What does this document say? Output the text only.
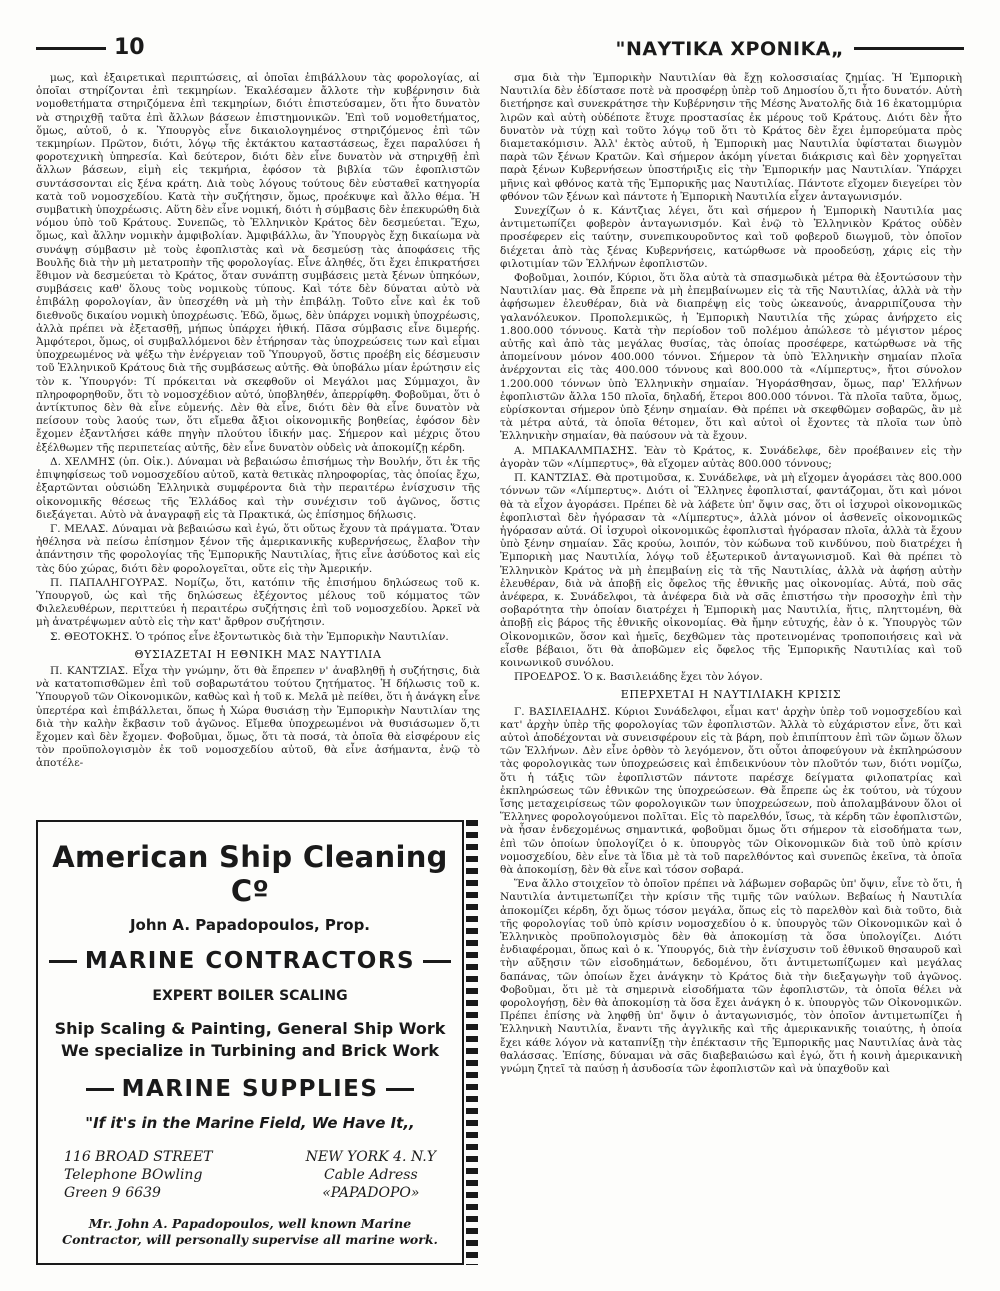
10	"ΝΑΥΤΙΚΑ ΧΡΟΝΙΚΑ„

μως, καὶ ἐξαιρετικαὶ περιπτώσεις, αἱ ὁποῖαι ἐπιβάλλουν τὰς φορολογίας, αἱ ὁποῖαι στηρίζονται ἐπὶ τεκμηρίων. Ἐκαλέσαμεν ἄλλοτε τὴν κυβέρνησιν διὰ νομοθετήματα στηριζόμενα ἐπὶ τεκμηρίων, διότι ἐπιστεύσαμεν, ὅτι ἦτο δυνατὸν νὰ στηριχθῇ ταῦτα ἐπὶ ἄλλων βάσεων ἐπιστημονικῶν. Ἐπὶ τοῦ νομοθετήματος, ὅμως, αὐτοῦ, ὁ κ. Ὑπουργὸς εἶνε δικαιολογημένος στηριζόμενος ἐπὶ τῶν τεκμηρίων. Πρῶτον, διότι, λόγῳ τῆς ἐκτάκτου καταστάσεως, ἔχει παραλύσει ἡ φοροτεχνικὴ ὑπηρεσία. Καὶ δεύτερον, διότι δὲν εἶνε δυνατὸν νὰ στηριχθῇ ἐπὶ ἄλλων βάσεων, εἰμὴ εἰς τεκμήρια, ἐφόσον τὰ βιβλία τῶν ἐφοπλιστῶν συντάσσονται εἰς ξένα κράτη. Διὰ τοὺς λόγους τούτους δὲν εὐσταθεῖ κατηγορία κατὰ τοῦ νομοσχεδίου. Κατὰ τὴν συζήτησιν, ὅμως, προέκυψε καὶ ἄλλο θέμα. Ἡ συμβατικὴ ὑποχρέωσις. Αὕτη δὲν εἶνε νομική, διότι ἡ σύμβασις δὲν ἐπεκυρώθη διὰ νόμου ὑπὸ τοῦ Κράτους. Συνεπῶς, τὸ Ἑλληνικὸν Κράτος δὲν δεσμεύεται. Ἔχω, ὅμως, καὶ ἄλλην νομικὴν ἀμφιβολίαν. Ἀμφιβάλλω, ἂν Ὑπουργὸς ἔχῃ δικαίωμα νὰ συνάψῃ σύμβασιν μὲ τοὺς ἐφοπλιστὰς καὶ νὰ δεσμεύσῃ τὰς ἀποφάσεις τῆς Βουλῆς διὰ τὴν μὴ μετατροπὴν τῆς φορολογίας. Εἶνε ἀληθές, ὅτι ἔχει ἐπικρατήσει ἔθιμον νὰ δεσμεύεται τὸ Κράτος, ὅταν συνάπτῃ συμβάσεις μετὰ ξένων ὑπηκόων, συμβάσεις καθ' ὅλους τοὺς νομικοὺς τύπους. Καὶ τότε δὲν δύναται αὐτὸ νὰ ἐπιβάλῃ φορολογίαν, ἂν ὑπεσχέθη νὰ μὴ τὴν ἐπιβάλῃ. Τοῦτο εἶνε καὶ ἐκ τοῦ διεθνοῦς δικαίου νομικὴ ὑποχρέωσις. Ἐδῶ, ὅμως, δὲν ὑπάρχει νομικὴ ὑποχρέωσις, ἀλλὰ πρέπει νὰ ἐξετασθῇ, μήπως ὑπάρχει ἠθική. Πᾶσα σύμβασις εἶνε διμερής. Ἀμφότεροι, ὅμως, οἱ συμβαλλόμενοι δὲν ἐτήρησαν τὰς ὑποχρεώσεις των καὶ εἶμαι ὑποχρεωμένος νὰ ψέξω τὴν ἐνέργειαν τοῦ Ὑπουργοῦ, ὅστις προέβη εἰς δέσμευσιν τοῦ Ἑλληνικοῦ Κράτους διὰ τῆς συμβάσεως αὐτῆς. Θὰ ὑποβάλω μίαν ἐρώτησιν εἰς τὸν κ. Ὑπουργόν: Τί πρόκειται νὰ σκεφθοῦν οἱ Μεγάλοι μας Σύμμαχοι, ἂν πληροφορηθοῦν, ὅτι τὸ νομοσχέδιον αὐτό, ὑποβληθέν, ἀπερρίφθη. Φοβοῦμαι, ὅτι ὁ ἀντίκτυπος δὲν θὰ εἶνε εὐμενής. Δὲν θὰ εἶνε, διότι δὲν θὰ εἶνε δυνατὸν νὰ πείσουν τοὺς λαούς των, ὅτι εἴμεθα ἄξιοι οἰκονομικῆς βοηθείας, ἐφόσον δὲν ἔχομεν ἐξαντλήσει κάθε πηγὴν πλούτου ἰδικήν μας. Σήμερον καὶ μέχρις ὅτου ἐξέλθωμεν τῆς περιπετείας αὐτῆς, δὲν εἶνε δυνατὸν οὐδεὶς νὰ ἀποκομίζῃ κέρδη.

Δ. ΧΕΛΜΗΣ (ὑπ. Οἰκ.). Δύναμαι νὰ βεβαιώσω ἐπισήμως τὴν Βουλήν, ὅτι ἐκ τῆς ἐπιψηφίσεως τοῦ νομοσχεδίου αὐτοῦ, κατὰ θετικὰς πληροφορίας, τὰς ὁποίας ἔχω, ἐξαρτῶνται οὐσιώδη Ἑλληνικὰ συμφέροντα διὰ τὴν περαιτέρω ἐνίσχυσιν τῆς οἰκονομικῆς θέσεως τῆς Ἑλλάδος καὶ τὴν συνέχισιν τοῦ ἀγῶνος, ὅστις διεξάγεται. Αὐτὸ νὰ ἀναγραφῇ εἰς τὰ Πρακτικά, ὡς ἐπίσημος δήλωσις.

Γ. ΜΕΛΑΣ. Δύναμαι νὰ βεβαιώσω καὶ ἐγώ, ὅτι οὕτως ἔχουν τὰ πράγματα. Ὅταν ἠθέλησα νὰ πείσω ἐπίσημον ξένον τῆς ἀμερικανικῆς κυβερνήσεως, ἔλαβον τὴν ἀπάντησιν τῆς φορολογίας τῆς Ἐμπορικῆς Ναυτιλίας, ἥτις εἶνε ἀσύδοτος καὶ εἰς τὰς δύο χώρας, διότι δὲν φορολογεῖται, οὔτε εἰς τὴν Ἀμερικήν.

Π. ΠΑΠΑΛΗΓΟΥΡΑΣ. Νομίζω, ὅτι, κατόπιν τῆς ἐπισήμου δηλώσεως τοῦ κ. Ὑπουργοῦ, ὡς καὶ τῆς δηλώσεως ἐξέχοντος μέλους τοῦ κόμματος τῶν Φιλελευθέρων, περιττεύει ἡ περαιτέρω συζήτησις ἐπὶ τοῦ νομοσχεδίου. Ἀρκεῖ νὰ μὴ ἀνατρέψωμεν αὐτὸ εἰς τὴν κατ' ἄρθρον συζήτησιν.

Σ. ΘΕΟΤΟΚΗΣ. Ὁ τρόπος εἶνε ἐξοντωτικὸς διὰ τὴν Ἐμπορικὴν Ναυτιλίαν.

ΘΥΣΙΑΖΕΤΑΙ Η ΕΘΝΙΚΗ ΜΑΣ ΝΑΥΤΙΛΙΑ

Π. ΚΑΝΤΖΙΑΣ. Εἶχα τὴν γνώμην, ὅτι θὰ ἔπρεπεν ν' ἀναβληθῇ ἡ συζήτησις, διὰ νὰ κατατοπισθῶμεν ἐπὶ τοῦ σοβαρωτάτου τούτου ζητήματος. Ἡ δήλωσις τοῦ κ. Ὑπουργοῦ τῶν Οἰκονομικῶν, καθὼς καὶ ἡ τοῦ κ. Μελᾶ μὲ πείθει, ὅτι ἡ ἀνάγκη εἶνε ὑπερτέρα καὶ ἐπιβάλλεται, ὅπως ἡ Χώρα θυσιάσῃ τὴν Ἐμπορικὴν Ναυτιλίαν της διὰ τὴν καλὴν ἔκβασιν τοῦ ἀγῶνος. Εἴμεθα ὑποχρεωμένοι νὰ θυσιάσωμεν ὅ,τι ἔχομεν καὶ δὲν ἔχομεν. Φοβοῦμαι, ὅμως, ὅτι τὰ ποσά, τὰ ὁποῖα θὰ εἰσφέρουν εἰς τὸν προϋπολογισμὸν ἐκ τοῦ νομοσχεδίου αὐτοῦ, θὰ εἶνε ἀσήμαντα, ἐνῷ τὸ ἀποτέλε-

American Ship Cleaning Cº
John A. Papadopoulos, Prop.
MARINE CONTRACTORS
EXPERT BOILER SCALING
Ship Scaling & Painting, General Ship Work
We specialize in Turbining and Brick Work
MARINE SUPPLIES
"If it's in the Marine Field, We Have It,,
116 BROAD STREET
Telephone BOwling
Green 9 6639
NEW YORK 4. N.Y
Cable Adress
«PAPADOPO»
Mr. John A. Papadopoulos, well known Marine Contractor, will personally supervise all marine work.

σμα διὰ τὴν Ἐμπορικὴν Ναυτιλίαν θὰ ἔχῃ κολοσσιαίας ζημίας. Ἡ Ἐμπορικὴ Ναυτιλία δὲν ἐδίστασε ποτὲ νὰ προσφέρῃ ὑπὲρ τοῦ Δημοσίου ὅ,τι ἦτο δυνατόν. Αὐτὴ διετήρησε καὶ συνεκράτησε τὴν Κυβέρνησιν τῆς Μέσης Ἀνατολῆς διὰ 16 ἑκατομμύρια λιρῶν καὶ αὐτὴ οὐδέποτε ἔτυχε προστασίας ἐκ μέρους τοῦ Κράτους. Διότι δὲν ἦτο δυνατὸν νὰ τύχῃ καὶ τοῦτο λόγῳ τοῦ ὅτι τὸ Κράτος δὲν ἔχει ἐμπορεύματα πρὸς διαμετακόμισιν. Ἀλλ' ἐκτὸς αὐτοῦ, ἡ Ἐμπορικὴ μας Ναυτιλία ὑφίσταται διωγμὸν παρὰ τῶν ξένων Κρατῶν. Καὶ σήμερον ἀκόμη γίνεται διάκρισις καὶ δὲν χορηγεῖται παρὰ ξένων Κυβερνήσεων ὑποστήριξις εἰς τὴν Ἐμπορικήν μας Ναυτιλίαν. Ὑπάρχει μῆνις καὶ φθόνος κατὰ τῆς Ἐμπορικῆς μας Ναυτιλίας. Πάντοτε εἴχομεν διεγείρει τὸν φθόνον τῶν ξένων καὶ πάντοτε ἡ Ἐμπορικὴ Ναυτιλία εἶχεν ἀνταγωνισμόν.

Συνεχίζων ὁ κ. Κάντζιας λέγει, ὅτι καὶ σήμερον ἡ Ἐμπορικὴ Ναυτιλία μας ἀντιμετωπίζει φοβερὸν ἀνταγωνισμόν. Καὶ ἐνῷ τὸ Ἑλληνικὸν Κράτος οὐδὲν προσέφερεν εἰς ταύτην, συνεπικουροῦντος καὶ τοῦ φοβεροῦ διωγμοῦ, τὸν ὁποῖον διέχεται ἀπὸ τὰς ξένας Κυβερνήσεις, κατώρθωσε νὰ προοδεύσῃ, χάρις εἰς τὴν φιλοτιμίαν τῶν Ἑλλήνων ἐφοπλιστῶν.

Φοβοῦμαι, λοιπόν, Κύριοι, ὅτι ὅλα αὐτὰ τὰ σπασμωδικὰ μέτρα θὰ ἐξοντώσουν τὴν Ναυτιλίαν μας. Θὰ ἔπρεπε νὰ μὴ ἐπεμβαίνωμεν εἰς τὰ τῆς Ναυτιλίας, ἀλλὰ νὰ τὴν ἀφήσωμεν ἐλευθέραν, διὰ νὰ διαπρέψῃ εἰς τοὺς ὠκεανούς, ἀναρριπίζουσα τὴν γαλανόλευκον. Προπολεμικῶς, ἡ Ἐμπορικὴ Ναυτιλία τῆς χώρας ἀνήρχετο εἰς 1.800.000 τόννους. Κατὰ τὴν περίοδον τοῦ πολέμου ἀπώλεσε τὸ μέγιστον μέρος αὐτῆς καὶ ἀπὸ τὰς μεγάλας θυσίας, τὰς ὁποίας προσέφερε, κατώρθωσε νὰ τῆς ἀπομείνουν μόνον 400.000 τόννοι. Σήμερον τὰ ὑπὸ Ἑλληνικὴν σημαίαν πλοῖα ἀνέρχονται εἰς τὰς 400.000 τόννους καὶ 800.000 τὰ «Λίμπερτυς», ἤτοι σύνολον 1.200.000 τόννων ὑπὸ Ἑλληνικὴν σημαίαν. Ἠγοράσθησαν, ὅμως, παρ' Ἑλλήνων ἐφοπλιστῶν ἄλλα 150 πλοῖα, δηλαδή, ἕτεροι 800.000 τόννοι. Τὰ πλοῖα ταῦτα, ὅμως, εὑρίσκονται σήμερον ὑπὸ ξένην σημαίαν. Θὰ πρέπει νὰ σκεφθῶμεν σοβαρῶς, ἂν μὲ τὰ μέτρα αὐτά, τὰ ὁποῖα θέτομεν, ὅτι καὶ αὐτοὶ οἱ ἔχοντες τὰ πλοῖα των ὑπὸ Ἑλληνικὴν σημαίαν, θὰ παύσουν νὰ τὰ ἔχουν.

Α. ΜΠΑΚΑΛΜΠΑΣΗΣ. Ἐὰν τὸ Κράτος, κ. Συνάδελφε, δὲν προέβαινεν εἰς τὴν ἀγορὰν τῶν «Λίμπερτυς», θὰ εἴχομεν αὐτὰς 800.000 τόννους;

Π. ΚΑΝΤΖΙΑΣ. Θὰ προτιμοῦσα, κ. Συνάδελφε, νὰ μὴ εἴχομεν ἀγοράσει τὰς 800.000 τόννων τῶν «Λίμπερτυς». Διότι οἱ Ἕλληνες ἐφοπλισταί, φαντάζομαι, ὅτι καὶ μόνοι θὰ τὰ εἶχον ἀγοράσει. Πρέπει δὲ νὰ λάβετε ὑπ' ὄψιν σας, ὅτι οἱ ἰσχυροὶ οἰκονομικῶς ἐφοπλισταὶ δὲν ἠγόρασαν τὰ «Λίμπερτυς», ἀλλὰ μόνον οἱ ἀσθενεῖς οἰκονομικῶς ἠγόρασαν αὐτά. Οἱ ἰσχυροὶ οἰκονομικῶς ἐφοπλισταὶ ἠγόρασαν πλοῖα, ἀλλὰ τὰ ἔχουν ὑπὸ ξένην σημαίαν. Σᾶς κρούω, λοιπόν, τὸν κώδωνα τοῦ κινδύνου, ποὺ διατρέχει ἡ Ἐμπορικὴ μας Ναυτιλία, λόγῳ τοῦ ἐξωτερικοῦ ἀνταγωνισμοῦ. Καὶ θὰ πρέπει τὸ Ἑλληνικὸν Κράτος νὰ μὴ ἐπεμβαίνῃ εἰς τὰ τῆς Ναυτιλίας, ἀλλὰ νὰ ἀφήσῃ αὐτὴν ἐλευθέραν, διὰ νὰ ἀποβῇ εἰς ὄφελος τῆς ἐθνικῆς μας οἰκονομίας. Αὐτά, ποὺ σᾶς ἀνέφερα, κ. Συνάδελφοι, τὰ ἀνέφερα διὰ νὰ σᾶς ἐπιστήσω τὴν προσοχὴν ἐπὶ τὴν σοβαρότητα τὴν ὁποίαν διατρέχει ἡ Ἐμπορικὴ μας Ναυτιλία, ἥτις, πληττομένη, θὰ ἀποβῇ εἰς βάρος τῆς ἐθνικῆς οἰκονομίας. Θὰ ἤμην εὐτυχής, ἐὰν ὁ κ. Ὑπουργὸς τῶν Οἰκονομικῶν, ὅσον καὶ ἡμεῖς, δεχθῶμεν τὰς προτεινομένας τροποποιήσεις καὶ νὰ εἶσθε βέβαιοι, ὅτι θὰ ἀποβῶμεν εἰς ὄφελος τῆς Ἐμπορικῆς Ναυτιλίας καὶ τοῦ κοινωνικοῦ συνόλου.

ΠΡΟΕΔΡΟΣ. Ὁ κ. Βασιλειάδης ἔχει τὸν λόγον.

ΕΠΕΡΧΕΤΑΙ Η ΝΑΥΤΙΛΙΑΚΗ ΚΡΙΣΙΣ

Γ. ΒΑΣΙΛΕΙΑΔΗΣ. Κύριοι Συνάδελφοι, εἶμαι κατ' ἀρχὴν ὑπὲρ τοῦ νομοσχεδίου καὶ κατ' ἀρχὴν ὑπὲρ τῆς φορολογίας τῶν ἐφοπλιστῶν. Ἀλλὰ τὸ εὐχάριστον εἶνε, ὅτι καὶ αὐτοὶ ἀποδέχονται νὰ συνεισφέρουν εἰς τὰ βάρη, ποὺ ἐπιπίπτουν ἐπὶ τῶν ὤμων ὅλων τῶν Ἑλλήνων. Δὲν εἶνε ὀρθὸν τὸ λεγόμενον, ὅτι οὗτοι ἀποφεύγουν νὰ ἐκπληρώσουν τὰς φορολογικὰς των ὑποχρεώσεις καὶ ἐπιδεικνύουν τὸν πλοῦτόν των, διότι νομίζω, ὅτι ἡ τάξις τῶν ἐφοπλιστῶν πάντοτε παρέσχε δείγματα φιλοπατρίας καὶ ἐκπληρώσεως τῶν ἐθνικῶν της ὑποχρεώσεων. Θὰ ἔπρεπε ὡς ἐκ τούτου, νὰ τύχουν ἴσης μεταχειρίσεως τῶν φορολογικῶν των ὑποχρεώσεων, ποὺ ἀπολαμβάνουν ὅλοι οἱ Ἕλληνες φορολογούμενοι πολῖται. Εἰς τὸ παρελθόν, ἴσως, τὰ κέρδη τῶν ἐφοπλιστῶν, νὰ ἦσαν ἐνδεχομένως σημαντικά, φοβοῦμαι ὅμως ὅτι σήμερον τὰ εἰσοδήματα των, ἐπὶ τῶν ὁποίων ὑπολογίζει ὁ κ. ὑπουργὸς τῶν Οἰκονομικῶν διὰ τοῦ ὑπὸ κρίσιν νομοσχεδίου, δὲν εἶνε τὰ ἴδια μὲ τὰ τοῦ παρελθόντος καὶ συνεπῶς ἐκεῖνα, τὰ ὁποῖα θὰ ἀποκομίσῃ, δὲν θὰ εἶνε καὶ τόσον σοβαρά.

Ἕνα ἄλλο στοιχεῖον τὸ ὁποῖον πρέπει νὰ λάβωμεν σοβαρῶς ὑπ' ὄψιν, εἶνε τὸ ὅτι, ἡ Ναυτιλία ἀντιμετωπίζει τὴν κρίσιν τῆς τιμῆς τῶν ναύλων. Βεβαίως ἡ Ναυτιλία ἀποκομίζει κέρδη, ὄχι ὅμως τόσον μεγάλα, ὅπως εἰς τὸ παρελθὸν καὶ διὰ τοῦτο, διὰ τῆς φορολογίας τοῦ ὑπὸ κρίσιν νομοσχεδίου ὁ κ. ὑπουργὸς τῶν Οἰκονομικῶν καὶ ὁ Ἑλληνικὸς προϋπολογισμὸς δὲν θὰ ἀποκομίσῃ τὰ ὅσα ὑπολογίζει. Διότι ἐνδιαφέρομαι, ὅπως καὶ ὁ κ. Ὑπουργός, διὰ τὴν ἐνίσχυσιν τοῦ ἐθνικοῦ θησαυροῦ καὶ τὴν αὔξησιν τῶν εἰσοδημάτων, δεδομένου, ὅτι ἀντιμετωπίζωμεν καὶ μεγάλας δαπάνας, τῶν ὁποίων ἔχει ἀνάγκην τὸ Κράτος διὰ τὴν διεξαγωγὴν τοῦ ἀγῶνος. Φοβοῦμαι, ὅτι μὲ τὰ σημερινὰ εἰσοδήματα τῶν ἐφοπλιστῶν, τὰ ὁποῖα θέλει νὰ φορολογήσῃ, δὲν θὰ ἀποκομίσῃ τὰ ὅσα ἔχει ἀνάγκη ὁ κ. ὑπουργὸς τῶν Οἰκονομικῶν. Πρέπει ἐπίσης νὰ ληφθῇ ὑπ' ὄψιν ὁ ἀνταγωνισμός, τὸν ὁποῖον ἀντιμετωπίζει ἡ Ἑλληνικὴ Ναυτιλία, ἔναντι τῆς ἀγγλικῆς καὶ τῆς ἀμερικανικῆς τοιαύτης, ἡ ὁποία ἔχει κάθε λόγον νὰ καταπνίξῃ τὴν ἐπέκτασιν τῆς Ἐμπορικῆς μας Ναυτιλίας ἀνὰ τὰς θαλάσσας. Ἐπίσης, δύναμαι νὰ σᾶς διαβεβαιώσω καὶ ἐγώ, ὅτι ἡ κοινὴ ἀμερικανικὴ γνώμη ζητεῖ τὰ παύσῃ ἡ ἀσυδοσία τῶν ἐφοπλιστῶν καὶ νὰ ὑπαχθοῦν καὶ
